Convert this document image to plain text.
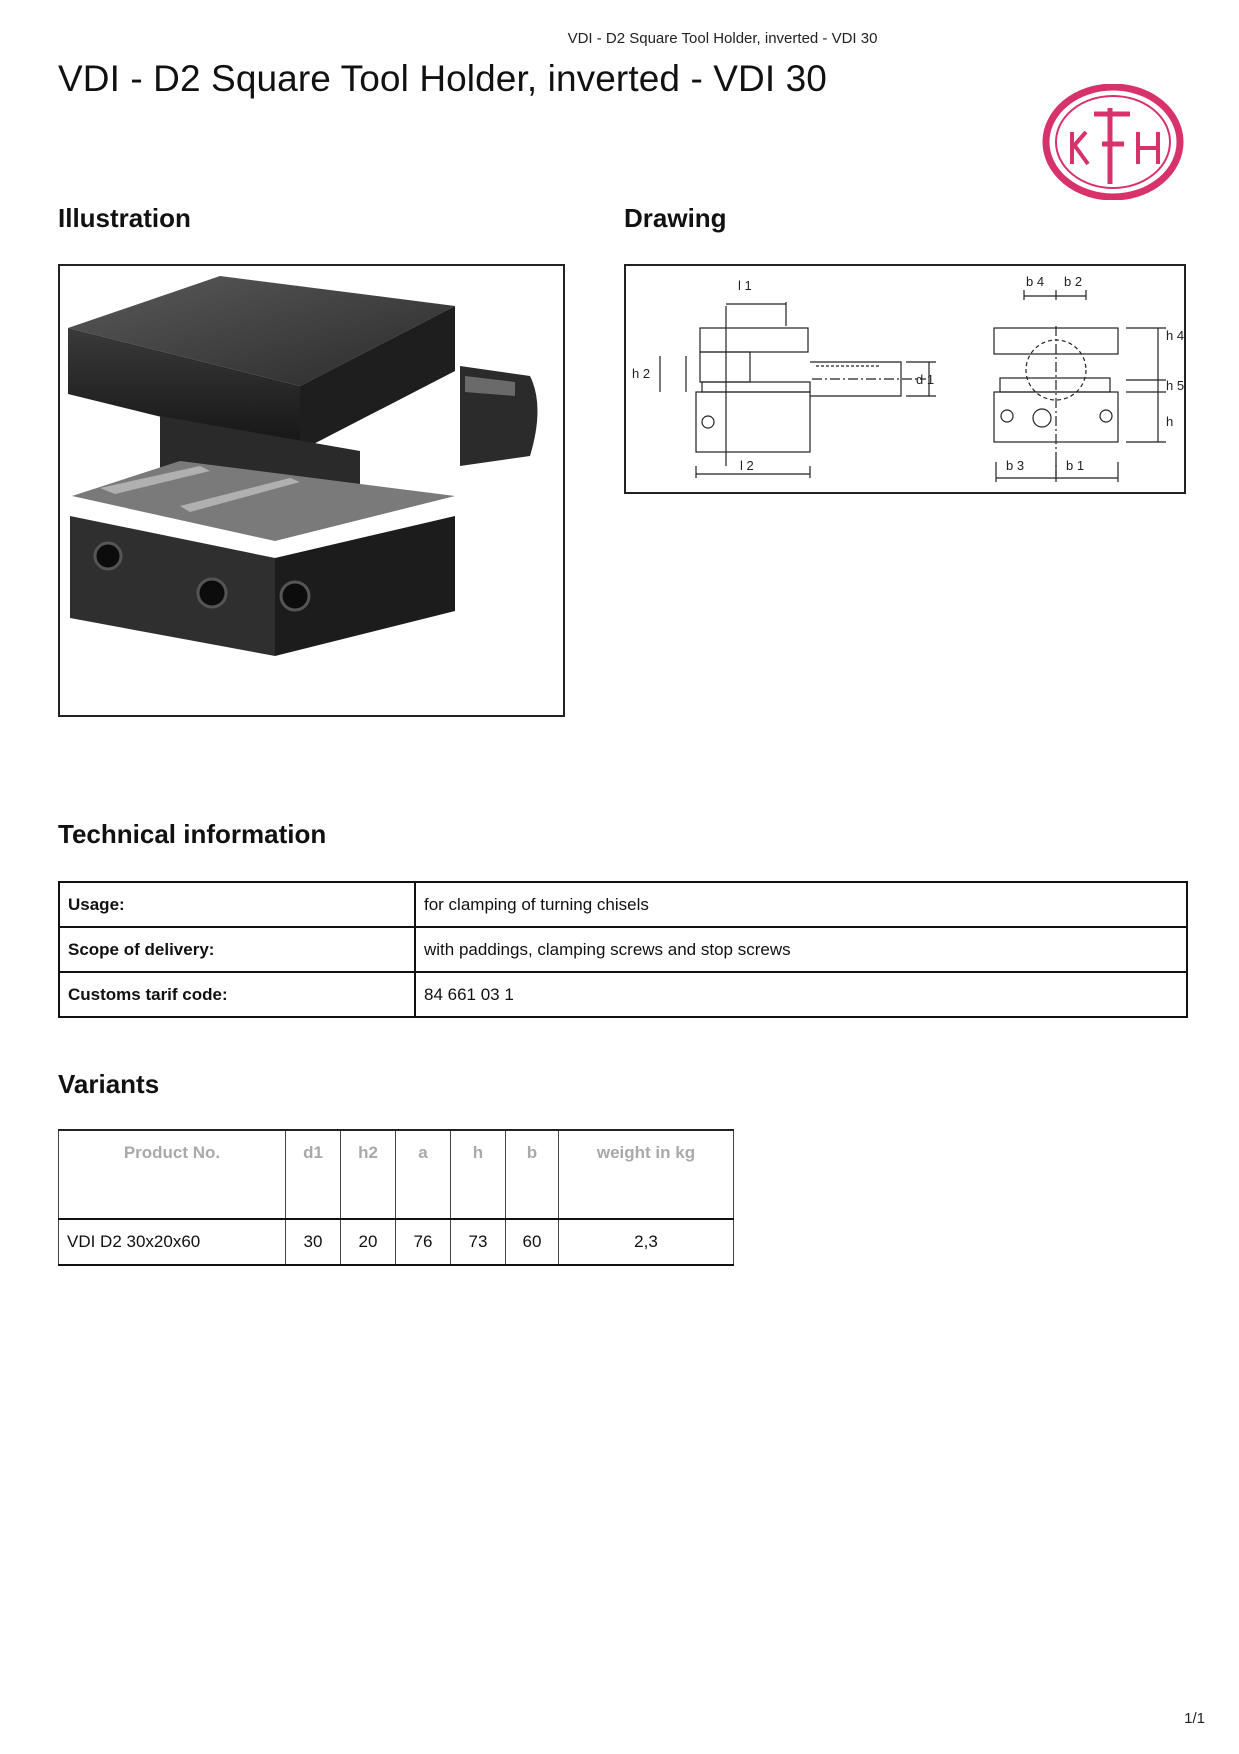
VDI - D2 Square Tool Holder, inverted - VDI 30
VDI - D2 Square Tool Holder, inverted - VDI 30
Illustration	Drawing
l 1	b 4 b 2
h 2	d 1
h 4
h 5
h
l 2	b 3	b 1
Technical information
Usage:	for clamping of turning chisels
Scope of delivery:	with paddings, clamping screws and stop screws
Customs tarif code:	84 661 03 1
Variants
Product No.	d1	h2	a	h	b	weight in kg
VDI D2 30x20x60	30	20	76	73	60	2,3
1/1
